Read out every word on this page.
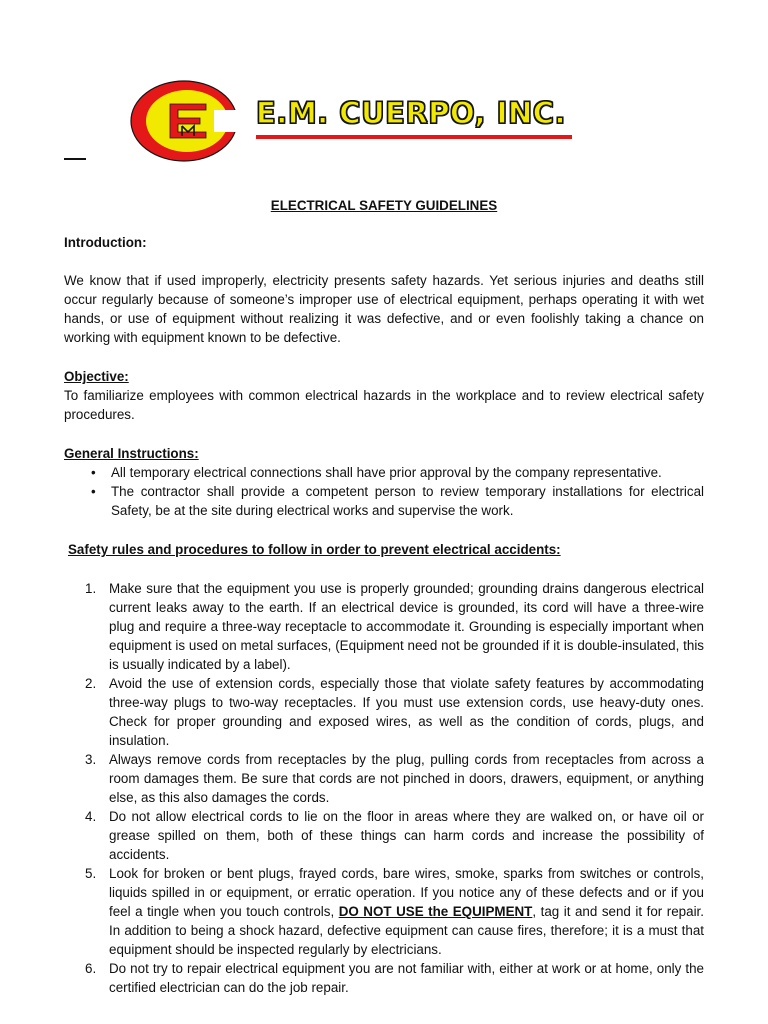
EMC
E.M. CUERPO, INC.
ELECTRICAL SAFETY GUIDELINES
Introduction:

We know that if used improperly, electricity presents safety hazards. Yet serious injuries and deaths still occur regularly because of someone’s improper use of electrical equipment, perhaps operating it with wet hands, or use of equipment without realizing it was defective, and or even foolishly taking a chance on working with equipment known to be defective.

Objective:

To familiarize employees with common electrical hazards in the workplace and to review electrical safety procedures.

General Instructions:
• All temporary electrical connections shall have prior approval by the company representative.
• The contractor shall provide a competent person to review temporary installations for electrical Safety, be at the site during electrical works and supervise the work.
Safety rules and procedures to follow in order to prevent electrical accidents:
1. Make sure that the equipment you use is properly grounded; grounding drains dangerous electrical current leaks away to the earth. If an electrical device is grounded, its cord will have a three-wire plug and require a three-way receptacle to accommodate it. Grounding is especially important when equipment is used on metal surfaces, (Equipment need not be grounded if it is double-insulated, this is usually indicated by a label).
2. Avoid the use of extension cords, especially those that violate safety features by accommodating three-way plugs to two-way receptacles. If you must use extension cords, use heavy-duty ones. Check for proper grounding and exposed wires, as well as the condition of cords, plugs, and insulation.
3. Always remove cords from receptacles by the plug, pulling cords from receptacles from across a room damages them. Be sure that cords are not pinched in doors, drawers, equipment, or anything else, as this also damages the cords.
4. Do not allow electrical cords to lie on the floor in areas where they are walked on, or have oil or grease spilled on them, both of these things can harm cords and increase the possibility of accidents.
5. Look for broken or bent plugs, frayed cords, bare wires, smoke, sparks from switches or controls, liquids spilled in or equipment, or erratic operation. If you notice any of these defects and or if you feel a tingle when you touch controls, DO NOT USE the EQUIPMENT, tag it and send it for repair. In addition to being a shock hazard, defective equipment can cause fires, therefore; it is a must that equipment should be inspected regularly by electricians.
6. Do not try to repair electrical equipment you are not familiar with, either at work or at home, only the certified electrician can do the job repair.
